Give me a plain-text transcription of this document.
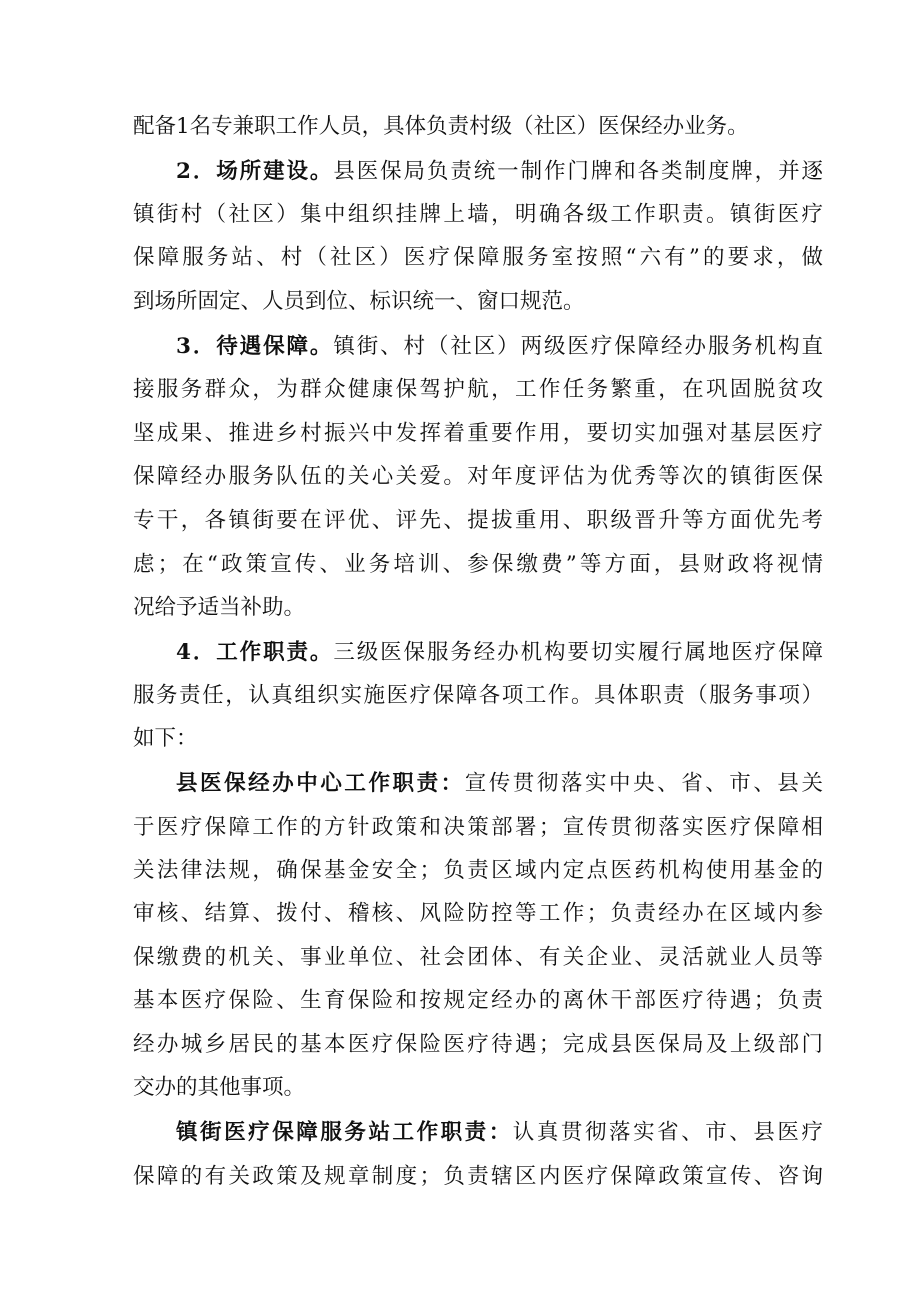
配备1名专兼职工作人员，具体负责村级（社区）医保经办业务。
2．场所建设。县医保局负责统一制作门牌和各类制度牌，并逐
镇街村（社区）集中组织挂牌上墙，明确各级工作职责。镇街医疗
保障服务站、村（社区）医疗保障服务室按照“六有”的要求，做
到场所固定、人员到位、标识统一、窗口规范。
3．待遇保障。镇街、村（社区）两级医疗保障经办服务机构直
接服务群众，为群众健康保驾护航，工作任务繁重，在巩固脱贫攻
坚成果、推进乡村振兴中发挥着重要作用，要切实加强对基层医疗
保障经办服务队伍的关心关爱。对年度评估为优秀等次的镇街医保
专干，各镇街要在评优、评先、提拔重用、职级晋升等方面优先考
虑；在“政策宣传、业务培训、参保缴费”等方面，县财政将视情
况给予适当补助。
4．工作职责。三级医保服务经办机构要切实履行属地医疗保障
服务责任，认真组织实施医疗保障各项工作。具体职责（服务事项）
如下：
县医保经办中心工作职责：宣传贯彻落实中央、省、市、县关
于医疗保障工作的方针政策和决策部署；宣传贯彻落实医疗保障相
关法律法规，确保基金安全；负责区域内定点医药机构使用基金的
审核、结算、拨付、稽核、风险防控等工作；负责经办在区域内参
保缴费的机关、事业单位、社会团体、有关企业、灵活就业人员等
基本医疗保险、生育保险和按规定经办的离休干部医疗待遇；负责
经办城乡居民的基本医疗保险医疗待遇；完成县医保局及上级部门
交办的其他事项。
镇街医疗保障服务站工作职责：认真贯彻落实省、市、县医疗
保障的有关政策及规章制度；负责辖区内医疗保障政策宣传、咨询
